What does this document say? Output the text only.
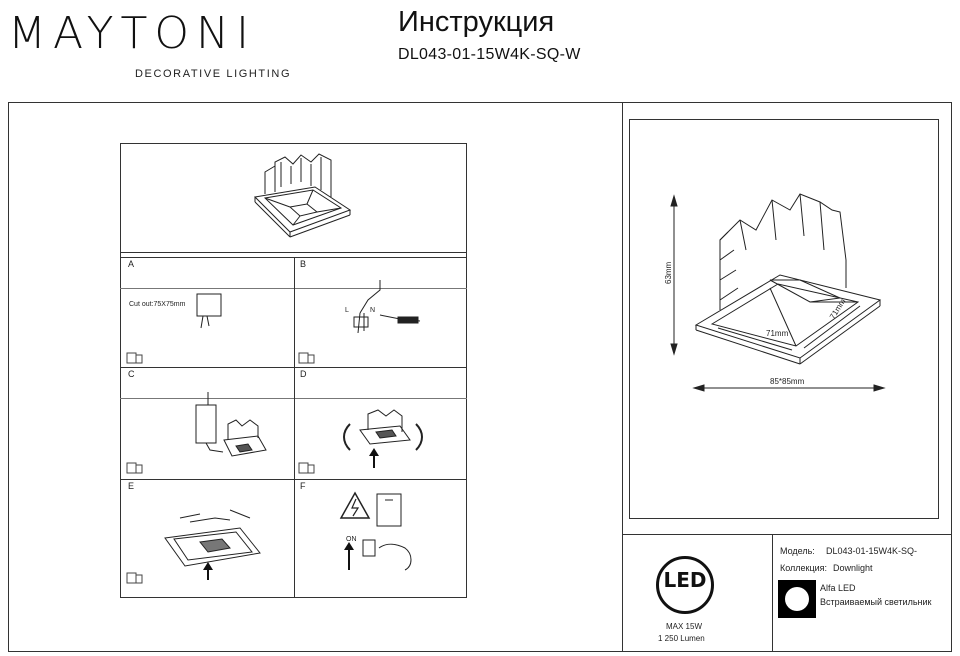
MAYTONI
DECORATIVE LIGHTING
Инструкция
DL043-01-15W4K-SQ-W
A	B
C	D
E	F
Cut out:75X75mm
L	N
ON
63mm
71mm
71mm
85*85mm
LED
MAX 15W
1 250 Lumen
Модель: DL043-01-15W4K-SQ-
Коллекция: Downlight
Alfa LED
Встраиваемый светильник
